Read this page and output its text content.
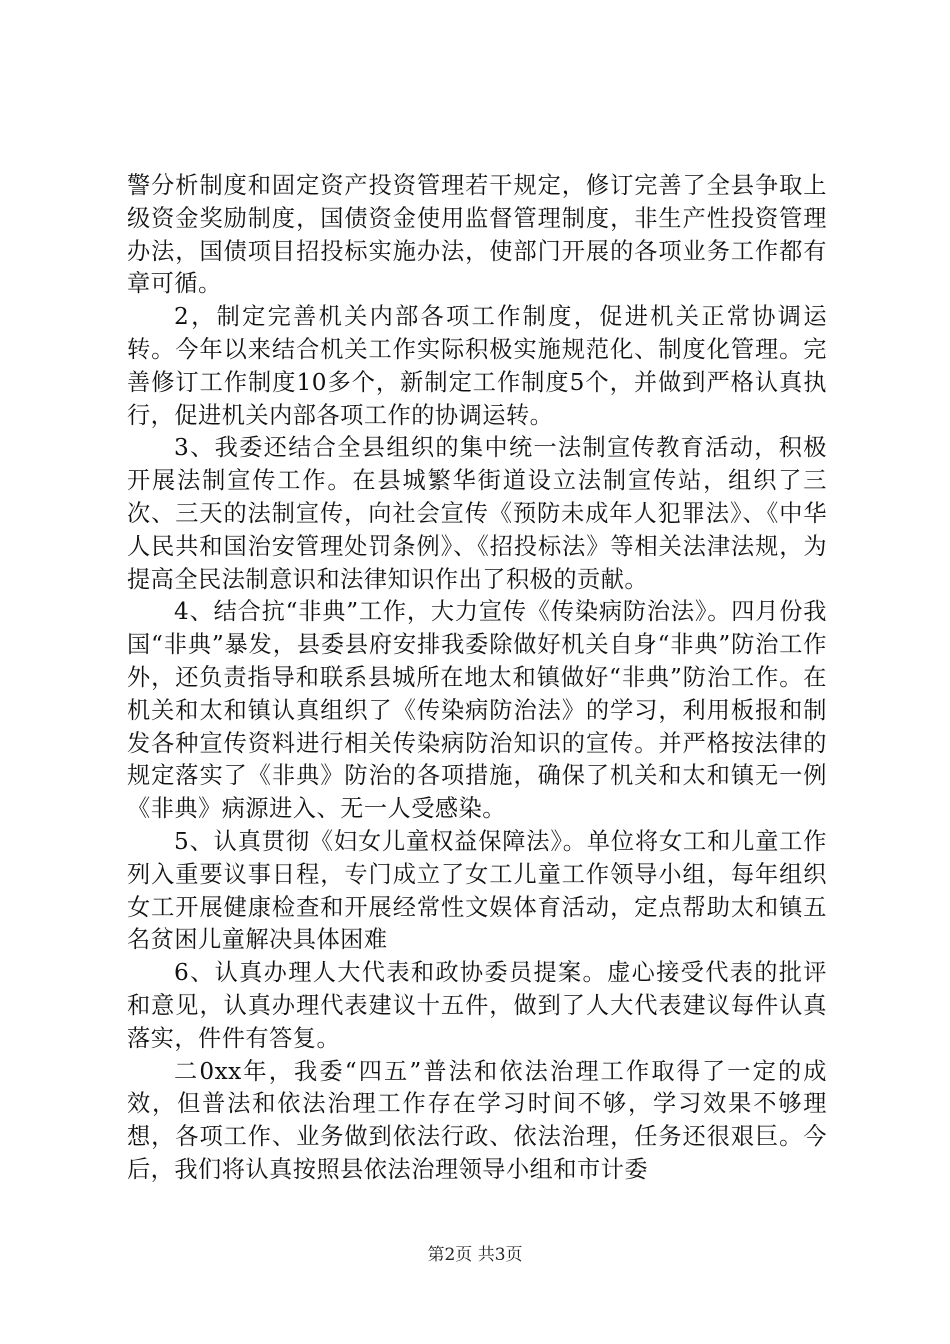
警分析制度和固定资产投资管理若干规定，修订完善了全县争取上级资金奖励制度，国债资金使用监督管理制度，非生产性投资管理办法，国债项目招投标实施办法，使部门开展的各项业务工作都有章可循。

2，制定完善机关内部各项工作制度，促进机关正常协调运转。今年以来结合机关工作实际积极实施规范化、制度化管理。完善修订工作制度10多个，新制定工作制度5个，并做到严格认真执行，促进机关内部各项工作的协调运转。

3、我委还结合全县组织的集中统一法制宣传教育活动，积极开展法制宣传工作。在县城繁华街道设立法制宣传站，组织了三次、三天的法制宣传，向社会宣传《预防未成年人犯罪法》、《中华人民共和国治安管理处罚条例》、《招投标法》等相关法津法规，为提高全民法制意识和法律知识作出了积极的贡献。

4、结合抗“非典”工作，大力宣传《传染病防治法》。四月份我国“非典”暴发，县委县府安排我委除做好机关自身“非典”防治工作外，还负责指导和联系县城所在地太和镇做好“非典”防治工作。在机关和太和镇认真组织了《传染病防治法》的学习，利用板报和制发各种宣传资料进行相关传染病防治知识的宣传。并严格按法律的规定落实了《非典》防治的各项措施，确保了机关和太和镇无一例《非典》病源进入、无一人受感染。

5、认真贯彻《妇女儿童权益保障法》。单位将女工和儿童工作列入重要议事日程，专门成立了女工儿童工作领导小组，每年组织女工开展健康检查和开展经常性文娱体育活动，定点帮助太和镇五名贫困儿童解决具体困难

6、认真办理人大代表和政协委员提案。虚心接受代表的批评和意见，认真办理代表建议十五件，做到了人大代表建议每件认真落实，件件有答复。

二0xx年，我委“四五”普法和依法治理工作取得了一定的成效，但普法和依法治理工作存在学习时间不够，学习效果不够理想，各项工作、业务做到依法行政、依法治理，任务还很艰巨。今后，我们将认真按照县依法治理领导小组和市计委

第2页 共3页
